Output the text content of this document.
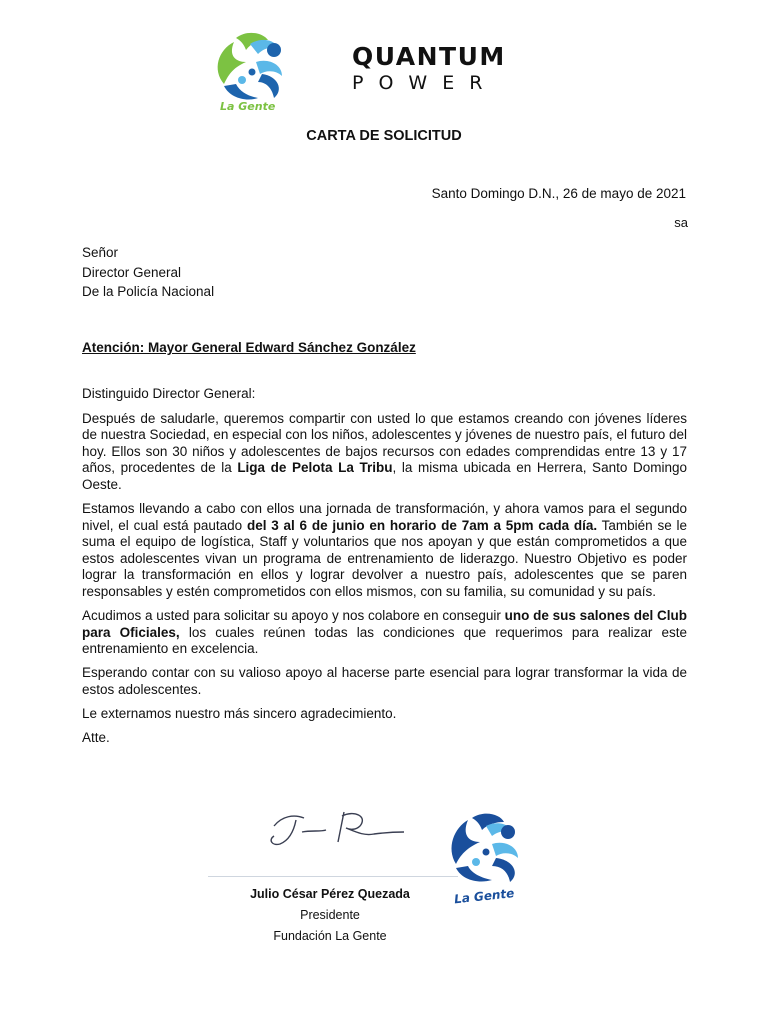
La Gente
QUANTUM
POWER
CARTA DE SOLICITUD
Santo Domingo D.N., 26 de mayo de 2021
sa
Señor
Director General
De la Policía Nacional
Atención: Mayor General Edward Sánchez González

Distinguido Director General:

Después de saludarle, queremos compartir con usted lo que estamos creando con jóvenes líderes de nuestra Sociedad, en especial con los niños, adolescentes y jóvenes de nuestro país, el futuro del hoy. Ellos son 30 niños y adolescentes de bajos recursos con edades comprendidas entre 13 y 17 años, procedentes de la Liga de Pelota La Tribu, la misma ubicada en Herrera, Santo Domingo Oeste.

Estamos llevando a cabo con ellos una jornada de transformación, y ahora vamos para el segundo nivel, el cual está pautado del 3 al 6 de junio en horario de 7am a 5pm cada día. También se le suma el equipo de logística, Staff y voluntarios que nos apoyan y que están comprometidos a que estos adolescentes vivan un programa de entrenamiento de liderazgo. Nuestro Objetivo es poder lograr la transformación en ellos y lograr devolver a nuestro país, adolescentes que se paren responsables y estén comprometidos con ellos mismos, con su familia, su comunidad y su país.

Acudimos a usted para solicitar su apoyo y nos colabore en conseguir uno de sus salones del Club para Oficiales, los cuales reúnen todas las condiciones que requerimos para realizar este entrenamiento en excelencia.

Esperando contar con su valioso apoyo al hacerse parte esencial para lograr transformar la vida de estos adolescentes.

Le externamos nuestro más sincero agradecimiento.

Atte.

Julio César Pérez Quezada
Presidente
Fundación La Gente
La Gente
